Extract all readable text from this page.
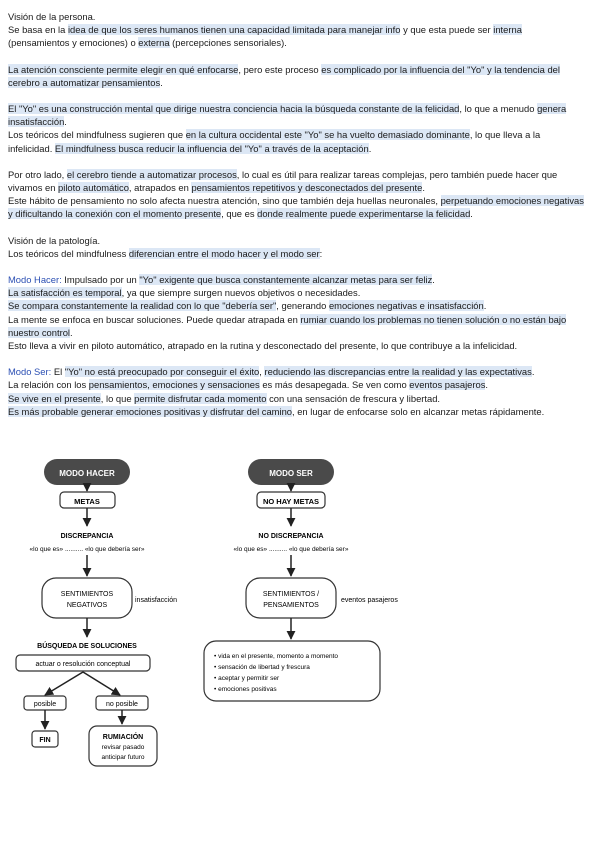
Visión de la persona.

Se basa en la idea de que los seres humanos tienen una capacidad limitada para manejar info y que esta puede ser interna (pensamientos y emociones) o externa (percepciones sensoriales).

La atención consciente permite elegir en qué enfocarse, pero este proceso es complicado por la influencia del "Yo" y la tendencia del cerebro a automatizar pensamientos.

El "Yo" es una construcción mental que dirige nuestra conciencia hacia la búsqueda constante de la felicidad, lo que a menudo genera insatisfacción.

Los teóricos del mindfulness sugieren que en la cultura occidental este "Yo" se ha vuelto demasiado dominante, lo que lleva a la infelicidad. El mindfulness busca reducir la influencia del "Yo" a través de la aceptación.

Por otro lado, el cerebro tiende a automatizar procesos, lo cual es útil para realizar tareas complejas, pero también puede hacer que vivamos en piloto automático, atrapados en pensamientos repetitivos y desconectados del presente.

Este hábito de pensamiento no solo afecta nuestra atención, sino que también deja huellas neuronales, perpetuando emociones negativas y dificultando la conexión con el momento presente, que es donde realmente puede experimentarse la felicidad.

Visión de la patología.

Los teóricos del mindfulness diferencian entre el modo hacer y el modo ser:

Modo Hacer: Impulsado por un "Yo" exigente que busca constantemente alcanzar metas para ser feliz.

La satisfacción es temporal, ya que siempre surgen nuevos objetivos o necesidades.

Se compara constantemente la realidad con lo que "debería ser", generando emociones negativas e insatisfacción.

La mente se enfoca en buscar soluciones. Puede quedar atrapada en rumiar cuando los problemas no tienen solución o no están bajo nuestro control.

Esto lleva a vivir en piloto automático, atrapado en la rutina y desconectado del presente, lo que contribuye a la infelicidad.

Modo Ser: El "Yo" no está preocupado por conseguir el éxito, reduciendo las discrepancias entre la realidad y las expectativas.

La relación con los pensamientos, emociones y sensaciones es más desapegada. Se ven como eventos pasajeros.

Se vive en el presente, lo que permite disfrutar cada momento con una sensación de frescura y libertad.

Es más probable generar emociones positivas y disfrutar del camino, en lugar de enfocarse solo en alcanzar metas rápidamente.

MODO HACER
METAS
DISCREPANCIA
«lo que es» .......... «lo que debería ser»
SENTIMIENTOS
NEGATIVOS
insatisfacción
BÚSQUEDA DE SOLUCIONES
actuar o resolución conceptual
posible	no posible
FIN	RUMIACIÓN
revisar pasado
anticipar futuro
MODO SER
NO HAY METAS
NO DISCREPANCIA
«lo que es» .......... «lo que debería ser»
SENTIMIENTOS /
PENSAMIENTOS
eventos pasajeros
• vida en el presente, momento a momento
• sensación de libertad y frescura
• aceptar y permitir ser
• emociones positivas
